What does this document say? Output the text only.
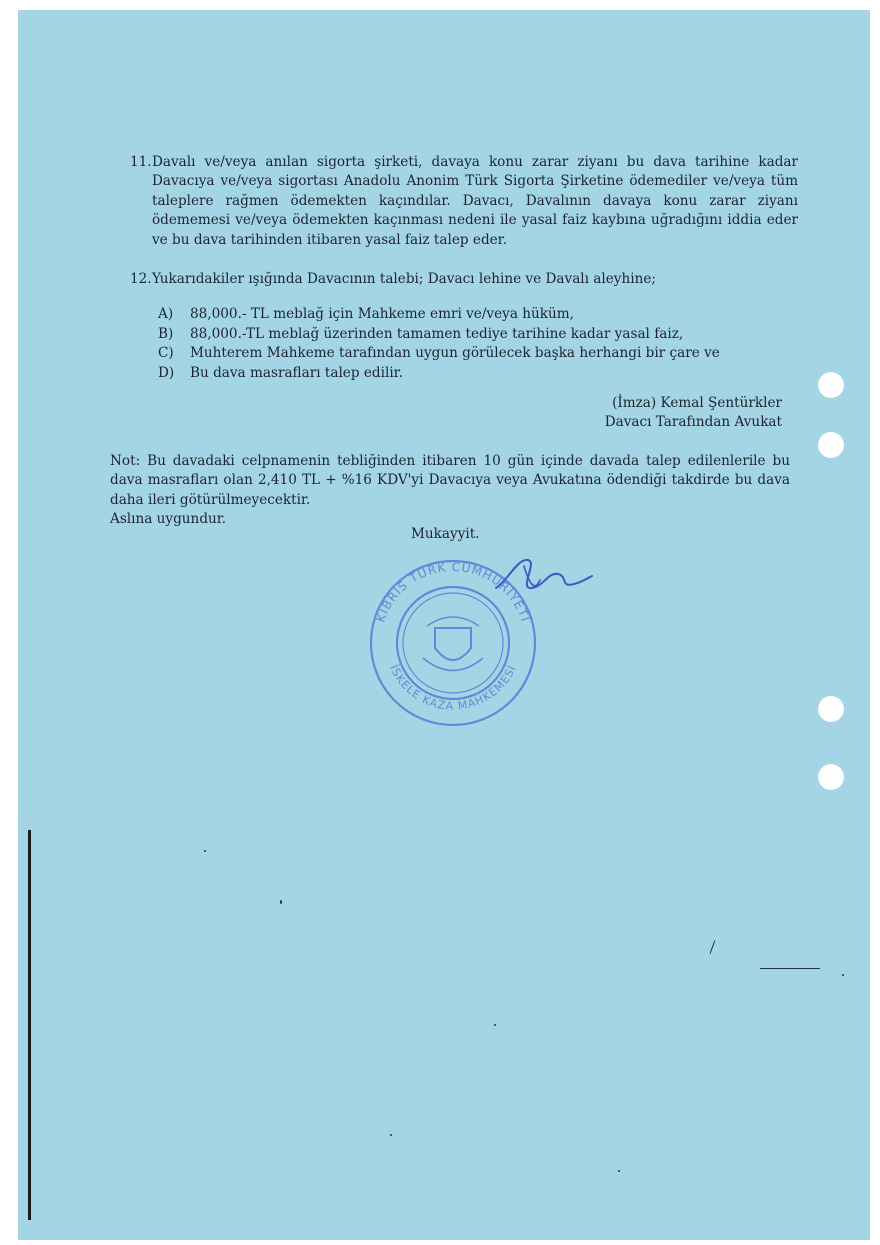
11. Davalı ve/veya anılan sigorta şirketi, davaya konu zarar ziyanı bu dava tarihine kadar Davacıya ve/veya sigortası Anadolu Anonim Türk Sigorta Şirketine ödemediler ve/veya tüm taleplere rağmen ödemekten kaçındılar. Davacı, Davalının davaya konu zarar ziyanı ödememesi ve/veya ödemekten kaçınması nedeni ile yasal faiz kaybına uğradığını iddia eder ve bu dava tarihinden itibaren yasal faiz talep eder.
12. Yukarıdakiler ışığında Davacının talebi; Davacı lehine ve Davalı aleyhine;
A)	88,000.- TL meblağ için Mahkeme emri ve/veya hüküm,
B)	88,000.-TL meblağ üzerinden tamamen tediye tarihine kadar yasal faiz,
C)	Muhterem Mahkeme tarafından uygun görülecek başka herhangi bir çare ve
D)	Bu dava masrafları talep edilir.
(İmza) Kemal Şentürkler
Davacı Tarafından Avukat
Not: Bu davadaki celpnamenin tebliğinden itibaren 10 gün içinde davada talep edilenlerile bu dava masrafları olan 2,410 TL + %16 KDV'yi Davacıya veya Avukatına ödendiği takdirde bu dava daha ileri götürülmeyecektir.
Aslına uygundur.
Mukayyit.
KIBRIS TÜRK CUMHURİYETİ
İSKELE KAZA MAHKEMESİ
